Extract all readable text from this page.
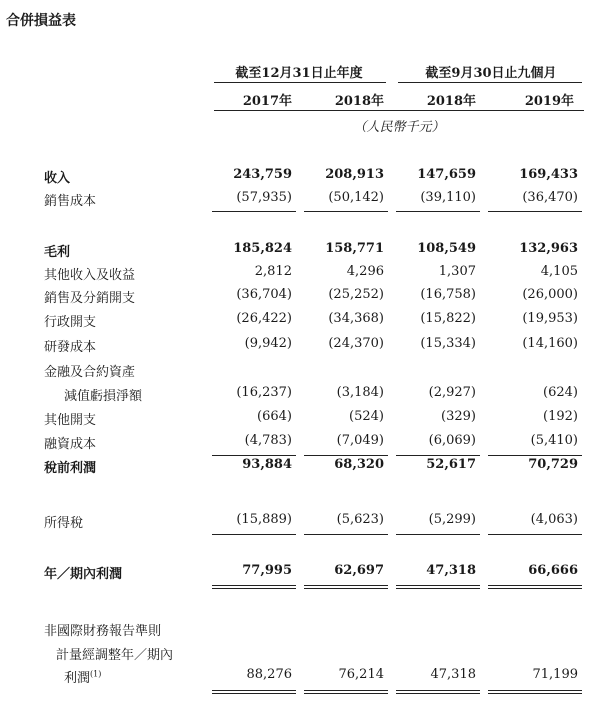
合併損益表
截至12月31日止年度	截至9月30日止九個月
2017年	2018年	2018年	2019年
（人民幣千元）
收入	243,759	208,913	147,659	169,433
銷售成本	(57,935)	(50,142)	(39,110)	(36,470)
毛利	185,824	158,771	108,549	132,963
其他收入及收益	2,812	4,296	1,307	4,105
銷售及分銷開支	(36,704)	(25,252)	(16,758)	(26,000)
行政開支	(26,422)	(34,368)	(15,822)	(19,953)
研發成本	(9,942)	(24,370)	(15,334)	(14,160)
金融及合約資產
減值虧損淨額	(16,237)	(3,184)	(2,927)	(624)
其他開支	(664)	(524)	(329)	(192)
融資成本	(4,783)	(7,049)	(6,069)	(5,410)
稅前利潤	93,884	68,320	52,617	70,729
所得稅	(15,889)	(5,623)	(5,299)	(4,063)
年／期內利潤	77,995	62,697	47,318	66,666
非國際財務報告準則
計量經調整年／期內
利潤$^{(1)}$	88,276	76,214	47,318	71,199
